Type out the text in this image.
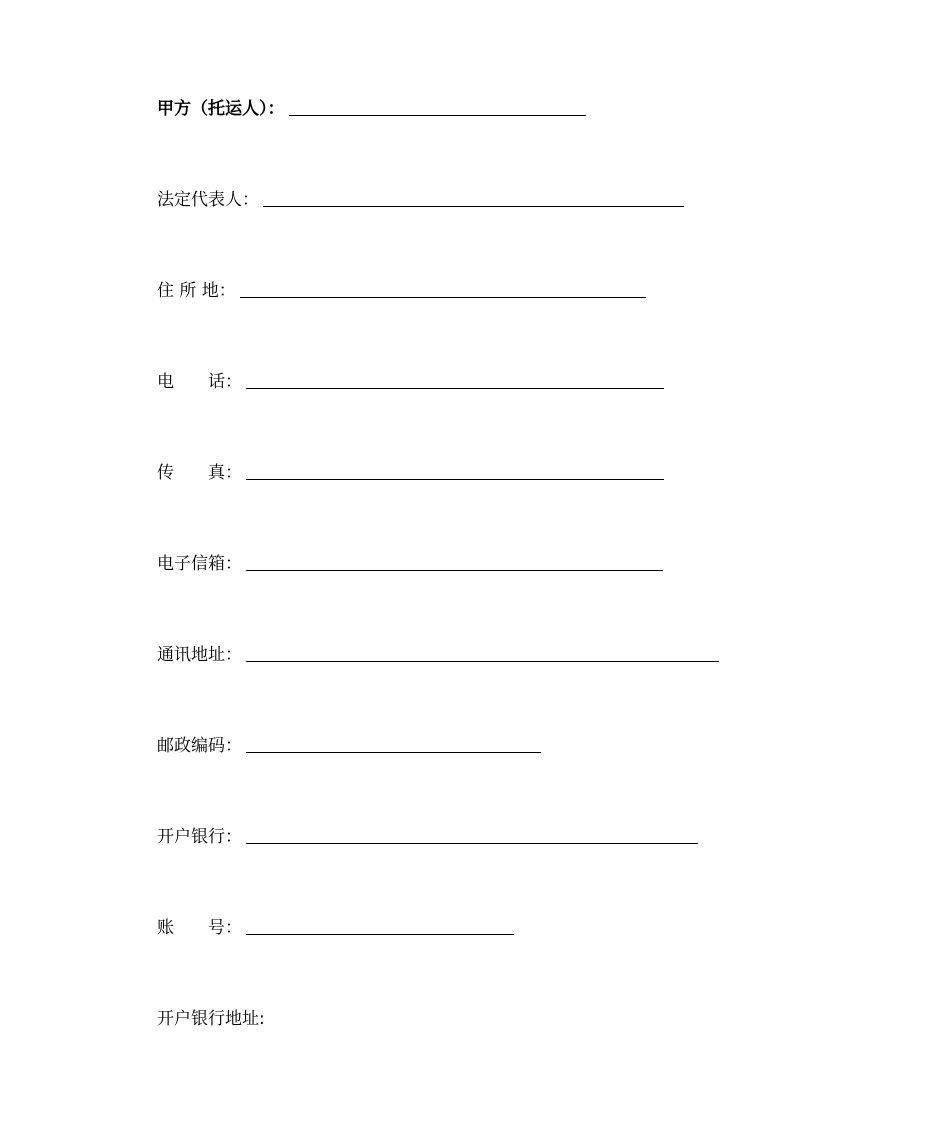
甲方（托运人）：
法定代表人：
住 所 地：
电　　话：
传　　真：
电子信箱：
通讯地址：
邮政编码：
开户银行：
账　　号：
开户银行地址:
